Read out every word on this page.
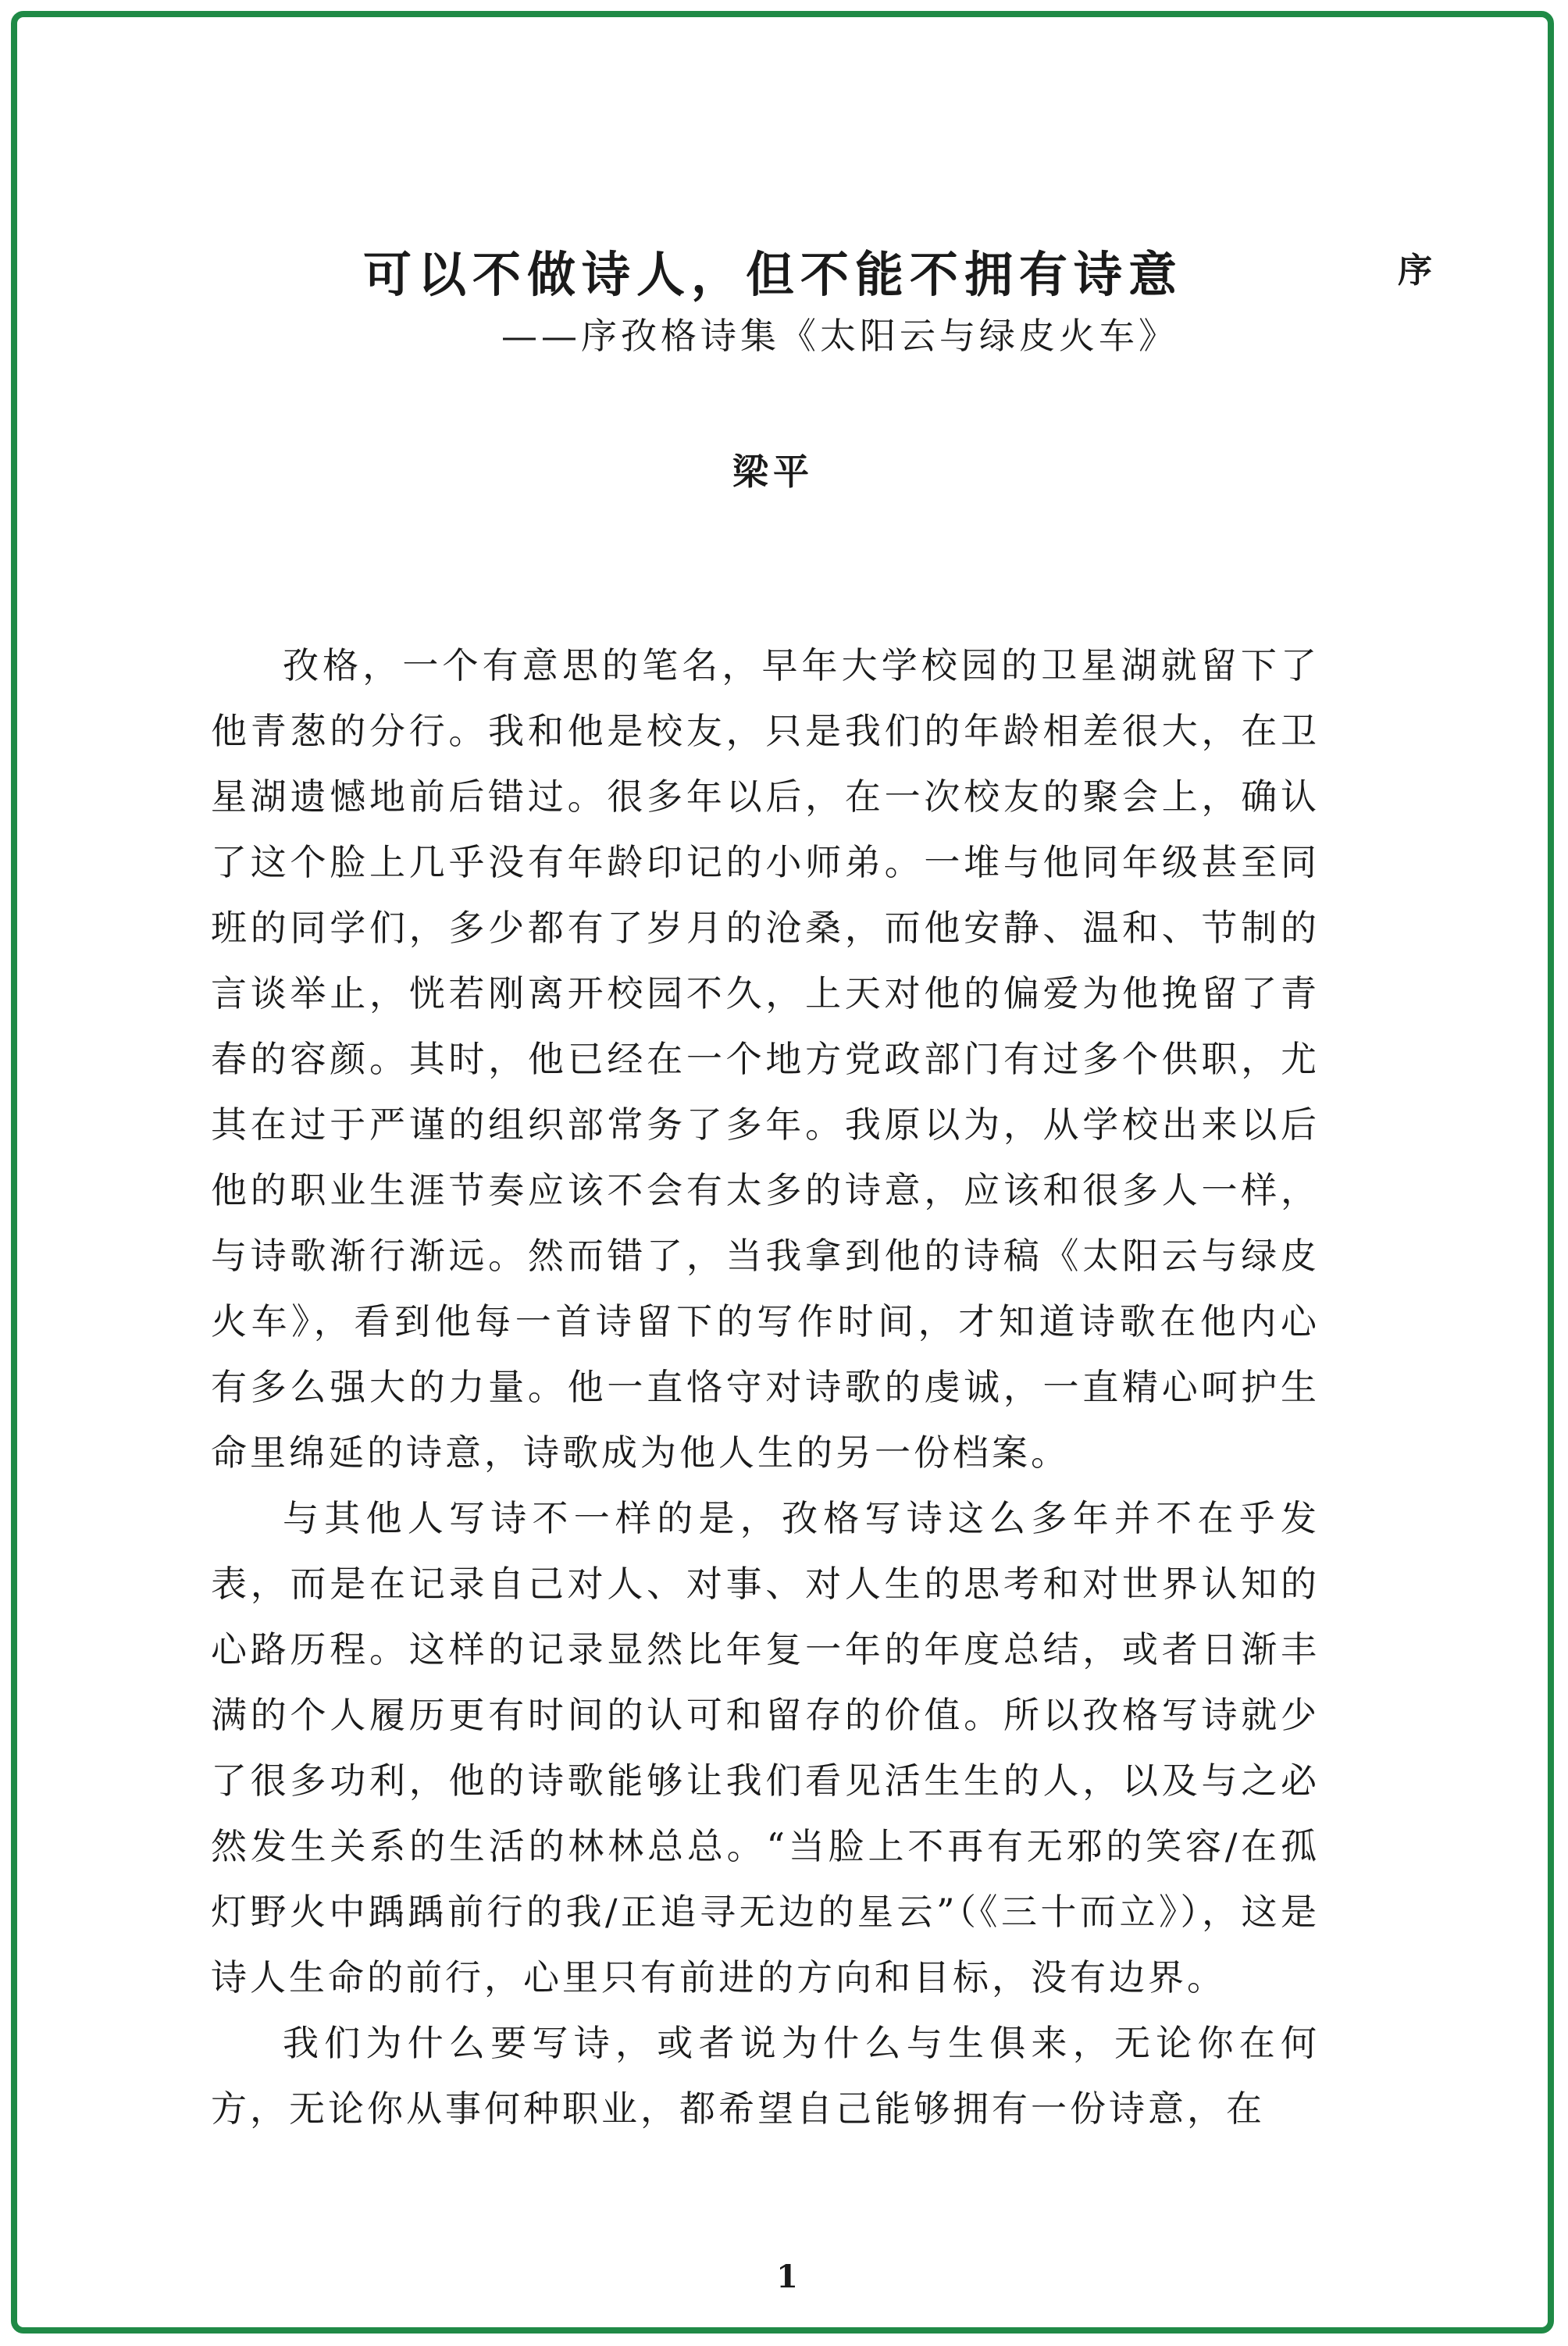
序
可以不做诗人，但不能不拥有诗意
——序孜格诗集《太阳云与绿皮火车》
梁平

孜格，一个有意思的笔名，早年大学校园的卫星湖就留下了他青葱的分行。我和他是校友，只是我们的年龄相差很大，在卫星湖遗憾地前后错过。很多年以后，在一次校友的聚会上，确认了这个脸上几乎没有年龄印记的小师弟。一堆与他同年级甚至同班的同学们，多少都有了岁月的沧桑，而他安静、温和、节制的言谈举止，恍若刚离开校园不久，上天对他的偏爱为他挽留了青春的容颜。其时，他已经在一个地方党政部门有过多个供职，尤其在过于严谨的组织部常务了多年。我原以为，从学校出来以后他的职业生涯节奏应该不会有太多的诗意，应该和很多人一样，与诗歌渐行渐远。然而错了，当我拿到他的诗稿《太阳云与绿皮火车》，看到他每一首诗留下的写作时间，才知道诗歌在他内心有多么强大的力量。他一直恪守对诗歌的虔诚，一直精心呵护生命里绵延的诗意，诗歌成为他人生的另一份档案。

与其他人写诗不一样的是，孜格写诗这么多年并不在乎发表，而是在记录自己对人、对事、对人生的思考和对世界认知的心路历程。这样的记录显然比年复一年的年度总结，或者日渐丰满的个人履历更有时间的认可和留存的价值。所以孜格写诗就少了很多功利，他的诗歌能够让我们看见活生生的人，以及与之必然发生关系的生活的林林总总。“当脸上不再有无邪的笑容/在孤灯野火中踽踽前行的我/正追寻无边的星云”（《三十而立》），这是诗人生命的前行，心里只有前进的方向和目标，没有边界。

我们为什么要写诗，或者说为什么与生俱来，无论你在何方，无论你从事何种职业，都希望自己能够拥有一份诗意，在

1
